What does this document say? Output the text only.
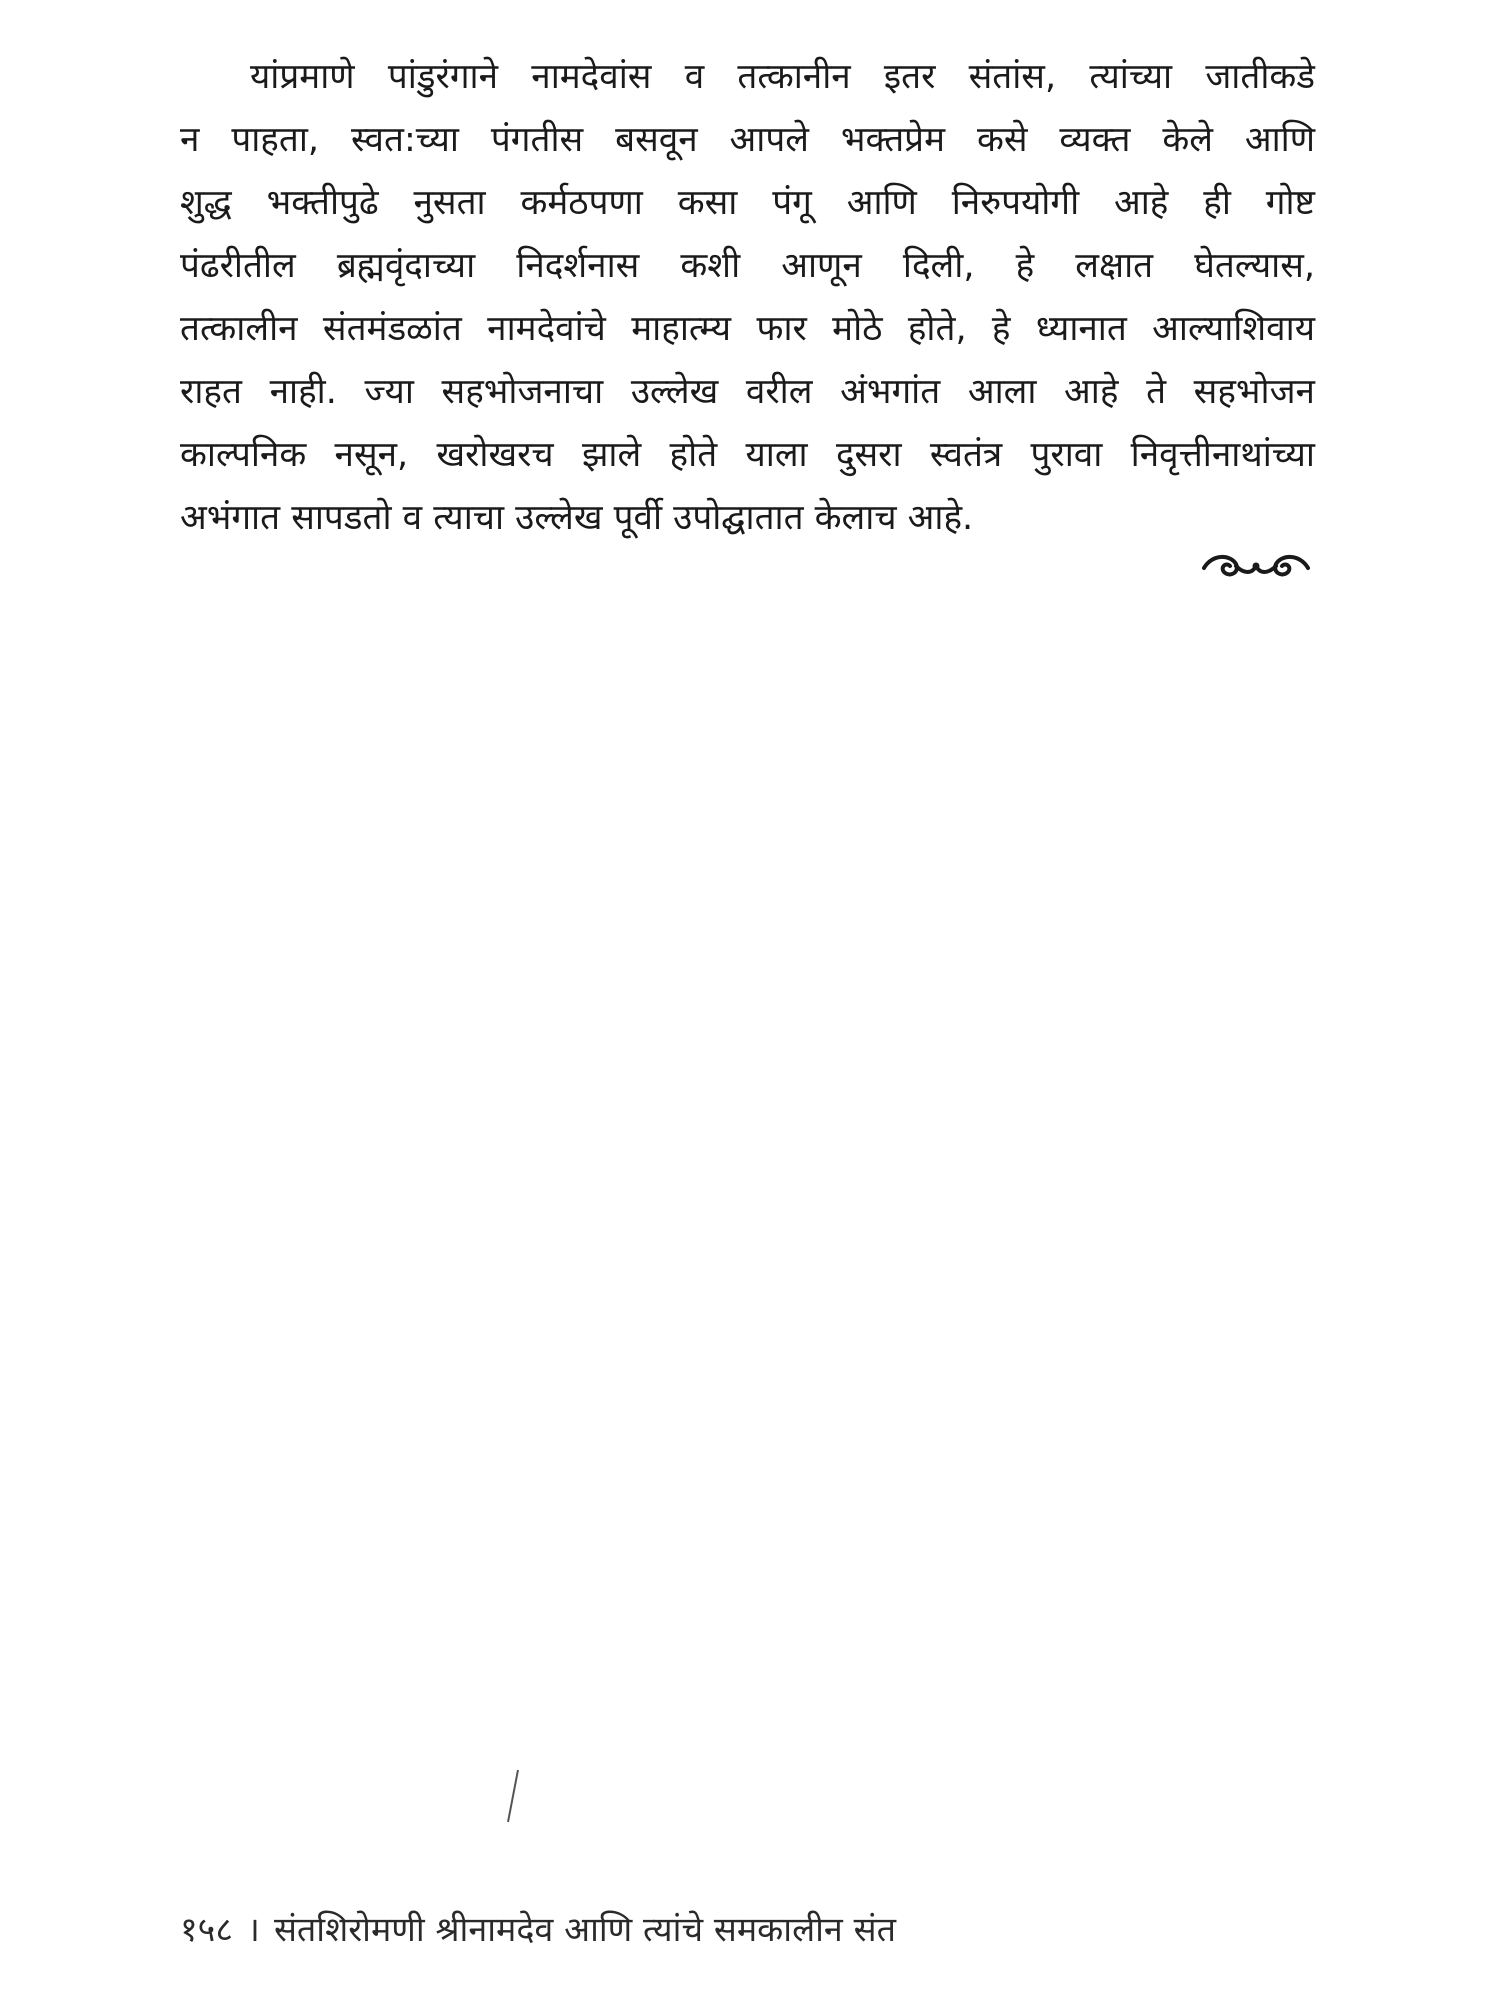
यांप्रमाणे पांडुरंगाने नामदेवांस व तत्कानीन इतर संतांस, त्यांच्या जातीकडे
न पाहता, स्वत:च्या पंगतीस बसवून आपले भक्तप्रेम कसे व्यक्त केले आणि
शुद्ध भक्तीपुढे नुसता कर्मठपणा कसा पंगू आणि निरुपयोगी आहे ही गोष्ट
पंढरीतील ब्रह्मवृंदाच्या निदर्शनास कशी आणून दिली, हे लक्षात घेतल्यास,
तत्कालीन संतमंडळांत नामदेवांचे माहात्म्य फार मोठे होते, हे ध्यानात आल्याशिवाय
राहत नाही. ज्या सहभोजनाचा उल्लेख वरील अंभगांत आला आहे ते सहभोजन
काल्पनिक नसून, खरोखरच झाले होते याला दुसरा स्वतंत्र पुरावा निवृत्तीनाथांच्या
अभंगात सापडतो व त्याचा उल्लेख पूर्वी उपोद्घातात केलाच आहे.
१५८ । संतशिरोमणी श्रीनामदेव आणि त्यांचे समकालीन संत
